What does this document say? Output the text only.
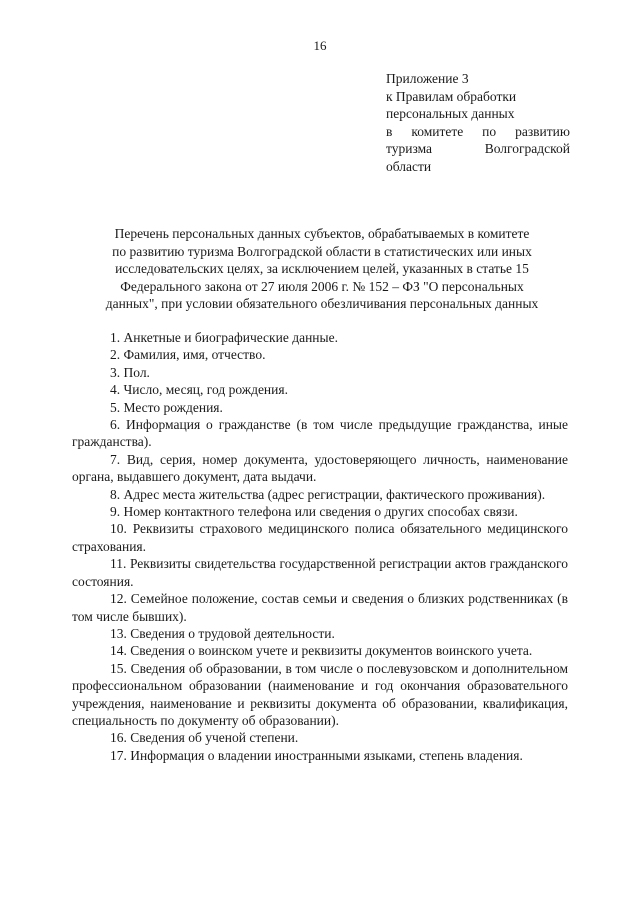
16
Приложение 3
к Правилам обработки
персональных данных
в комитете по развитию
туризма Волгоградской
области
Перечень персональных данных субъектов, обрабатываемых в комитете
по развитию туризма Волгоградской области в статистических или иных
исследовательских целях, за исключением целей, указанных в статье 15
Федерального закона от 27 июля 2006 г. № 152 – ФЗ "О персональных
данных", при условии обязательного обезличивания персональных данных

1. Анкетные и биографические данные.

2. Фамилия, имя, отчество.

3. Пол.

4. Число, месяц, год рождения.

5. Место рождения.

6. Информация о гражданстве (в том числе предыдущие гражданства, иные гражданства).

7. Вид, серия, номер документа, удостоверяющего личность, наименование органа, выдавшего документ, дата выдачи.

8. Адрес места жительства (адрес регистрации, фактического проживания).

9. Номер контактного телефона или сведения о других способах связи.

10. Реквизиты страхового медицинского полиса обязательного медицинского страхования.

11. Реквизиты свидетельства государственной регистрации актов гражданского состояния.

12. Семейное положение, состав семьи и сведения о близких родственниках (в том числе бывших).

13. Сведения о трудовой деятельности.

14. Сведения о воинском учете и реквизиты документов воинского учета.

15. Сведения об образовании, в том числе о послевузовском и дополнительном профессиональном образовании (наименование и год окончания образовательного учреждения, наименование и реквизиты документа об образовании, квалификация, специальность по документу об образовании).

16. Сведения об ученой степени.

17. Информация о владении иностранными языками, степень владения.
